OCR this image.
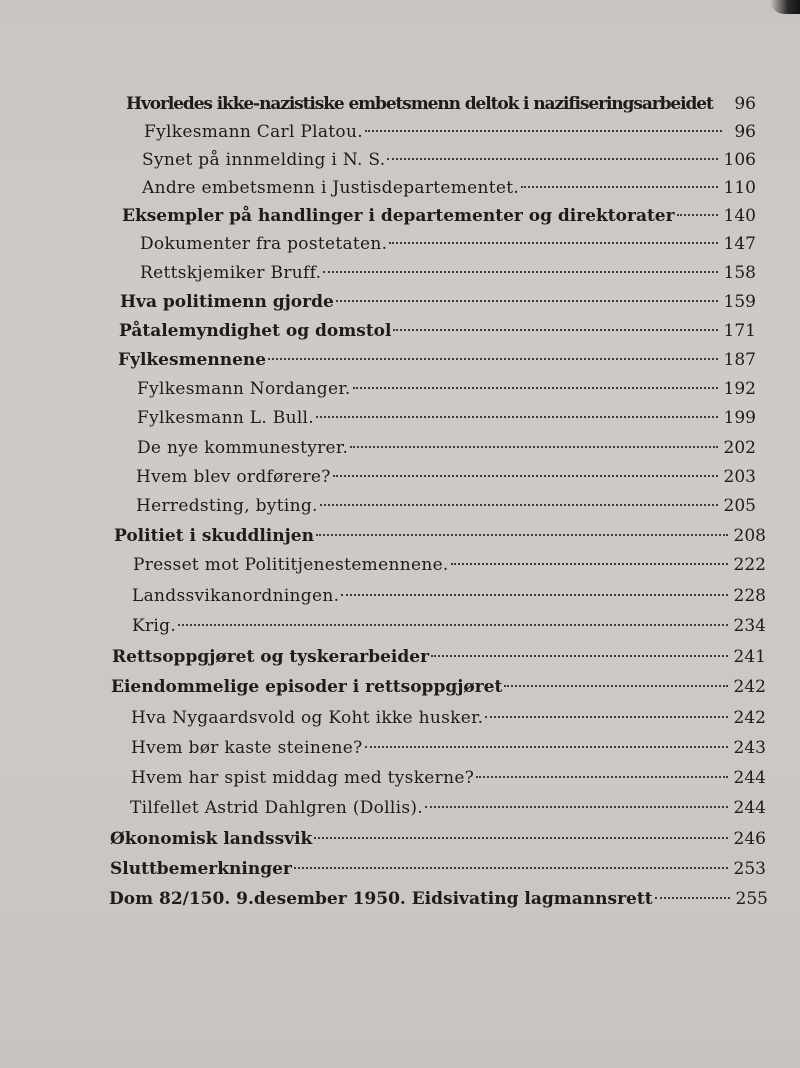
Hvorledes ikke-nazistiske embetsmenn deltok i nazifiseringsarbeidet	96
Fylkesmann Carl Platou.	96
Synet på innmelding i N. S.	106
Andre embetsmenn i Justisdepartementet.	110
Eksempler på handlinger i departementer og direktorater	140
Dokumenter fra postetaten.	147
Rettskjemiker Bruff.	158
Hva politimenn gjorde	159
Påtalemyndighet og domstol	171
Fylkesmennene	187
Fylkesmann Nordanger.	192
Fylkesmann L. Bull.	199
De nye kommunestyrer.	202
Hvem blev ordførere?	203
Herredsting, byting.	205
Politiet i skuddlinjen	208
Presset mot Polititjenestemennene.	222
Landssvikanordningen.	228
Krig.	234
Rettsoppgjøret og tyskerarbeider	241
Eiendommelige episoder i rettsoppgjøret	242
Hva Nygaardsvold og Koht ikke husker.	242
Hvem bør kaste steinene?	243
Hvem har spist middag med tyskerne?	244
Tilfellet Astrid Dahlgren (Dollis).	244
Økonomisk landssvik	246
Sluttbemerkninger	253
Dom 82/150. 9.desember 1950. Eidsivating lagmannsrett	255
